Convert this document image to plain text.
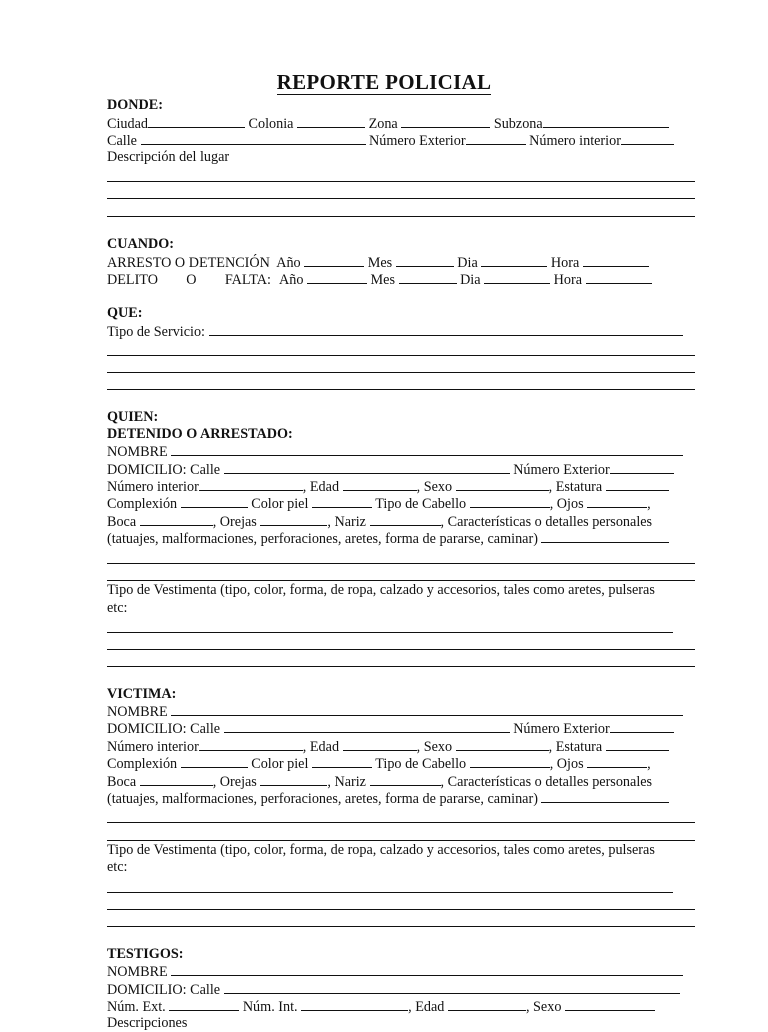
REPORTE POLICIAL
DONDE:
Ciudad	Colonia	Zona	Subzona
Calle	Número Exterior	Número interior
Descripción del lugar
CUANDO:
ARRESTO O DETENCIÓN Año	Mes	Dia	Hora
DELITO O FALTA: Año	Mes	Dia	Hora
QUE:
Tipo de Servicio:
QUIEN:
DETENIDO O ARRESTADO:
NOMBRE
DOMICILIO: Calle	Número Exterior
Número interior	, Edad	, Sexo	, Estatura
Complexión	Color piel	Tipo de Cabello	, Ojos	,
Boca	, Orejas	, Nariz	, Características o detalles personales
(tatuajes, malformaciones, perforaciones, aretes, forma de pararse, caminar)
Tipo de Vestimenta (tipo, color, forma, de ropa, calzado y accesorios, tales como aretes, pulseras
etc:
VICTIMA:
NOMBRE
DOMICILIO: Calle	Número Exterior
Número interior	, Edad	, Sexo	, Estatura
Complexión	Color piel	Tipo de Cabello	, Ojos	,
Boca	, Orejas	, Nariz	, Características o detalles personales
(tatuajes, malformaciones, perforaciones, aretes, forma de pararse, caminar)
Tipo de Vestimenta (tipo, color, forma, de ropa, calzado y accesorios, tales como aretes, pulseras
etc:
TESTIGOS:
NOMBRE
DOMICILIO: Calle
Núm. Ext.	Núm. Int.	, Edad	, Sexo
Descripciones
